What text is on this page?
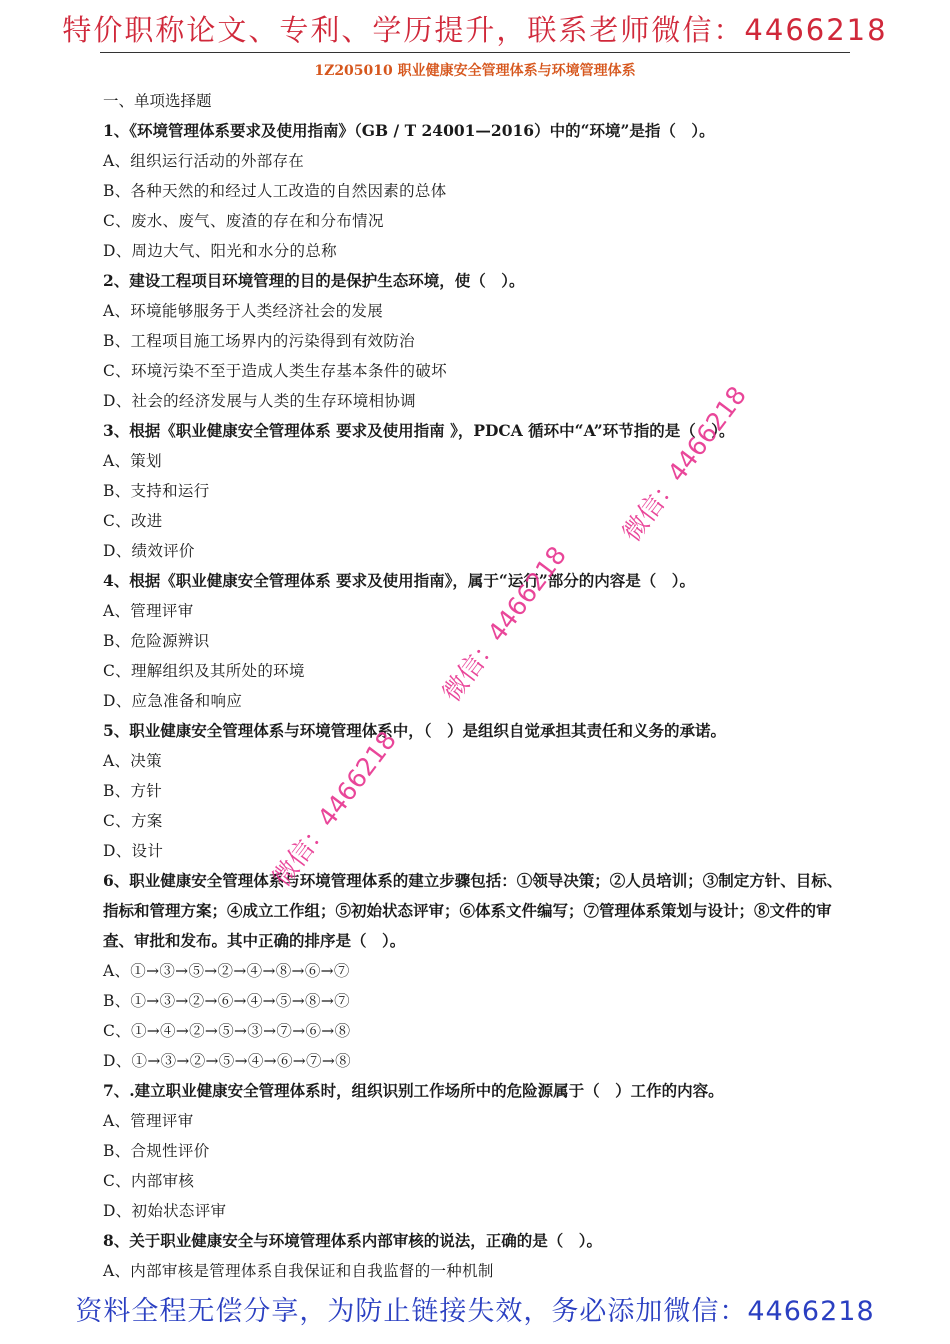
特价职称论文、专利、学历提升，联系老师微信：4466218
1Z205010 职业健康安全管理体系与环境管理体系
一、单项选择题
1、《环境管理体系要求及使用指南》（GB / T 24001—2016）中的“环境”是指（　）。
A、组织运行活动的外部存在
B、各种天然的和经过人工改造的自然因素的总体
C、废水、废气、废渣的存在和分布情况
D、周边大气、阳光和水分的总称
2、建设工程项目环境管理的目的是保护生态环境，使（　）。
A、环境能够服务于人类经济社会的发展
B、工程项目施工场界内的污染得到有效防治
C、环境污染不至于造成人类生存基本条件的破坏
D、社会的经济发展与人类的生存环境相协调
3、根据《职业健康安全管理体系 要求及使用指南 》，PDCA 循环中“A”环节指的是（　）。
A、策划
B、支持和运行
C、改进
D、绩效评价
4、根据《职业健康安全管理体系 要求及使用指南》，属于“运行”部分的内容是（　）。
A、管理评审
B、危险源辨识
C、理解组织及其所处的环境
D、应急准备和响应
5、职业健康安全管理体系与环境管理体系中，（　）是组织自觉承担其责任和义务的承诺。
A、决策
B、方针
C、方案
D、设计
6、职业健康安全管理体系与环境管理体系的建立步骤包括：①领导决策；②人员培训；③制定方针、目标、指标和管理方案；④成立工作组；⑤初始状态评审；⑥体系文件编写；⑦管理体系策划与设计；⑧文件的审查、审批和发布。其中正确的排序是（　）。
A、①→③→⑤→②→④→⑧→⑥→⑦
B、①→③→②→⑥→④→⑤→⑧→⑦
C、①→④→②→⑤→③→⑦→⑥→⑧
D、①→③→②→⑤→④→⑥→⑦→⑧
7、.建立职业健康安全管理体系时，组织识别工作场所中的危险源属于（　）工作的内容。
A、管理评审
B、合规性评价
C、内部审核
D、初始状态评审
8、关于职业健康安全与环境管理体系内部审核的说法，正确的是（　）。
A、内部审核是管理体系自我保证和自我监督的一种机制
微信：4466218
微信：4466218
微信：4466218
资料全程无偿分享，为防止链接失效，务必添加微信：4466218
